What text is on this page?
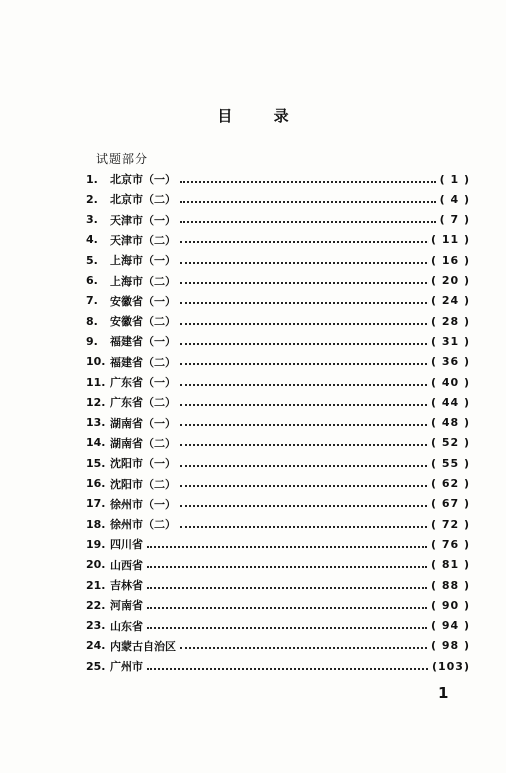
目 录
试题部分
1.	北京市（一）	( 1 )
2.	北京市（二）	( 4 )
3.	天津市（一）	( 7 )
4.	天津市（二）	( 11 )
5.	上海市（一）	( 16 )
6.	上海市（二）	( 20 )
7.	安徽省（一）	( 24 )
8.	安徽省（二）	( 28 )
9.	福建省（一）	( 31 )
10. 福建省（二）	( 36 )
11. 广东省（一）	( 40 )
12. 广东省（二）	( 44 )
13. 湖南省（一）	( 48 )
14. 湖南省（二）	( 52 )
15. 沈阳市（一）	( 55 )
16. 沈阳市（二）	( 62 )
17. 徐州市（一）	( 67 )
18. 徐州市（二）	( 72 )
19. 四川省	( 76 )
20. 山西省	( 81 )
21. 吉林省	( 88 )
22. 河南省	( 90 )
23. 山东省	( 94 )
24. 内蒙古自治区	( 98 )
25. 广州市	(103)
1
